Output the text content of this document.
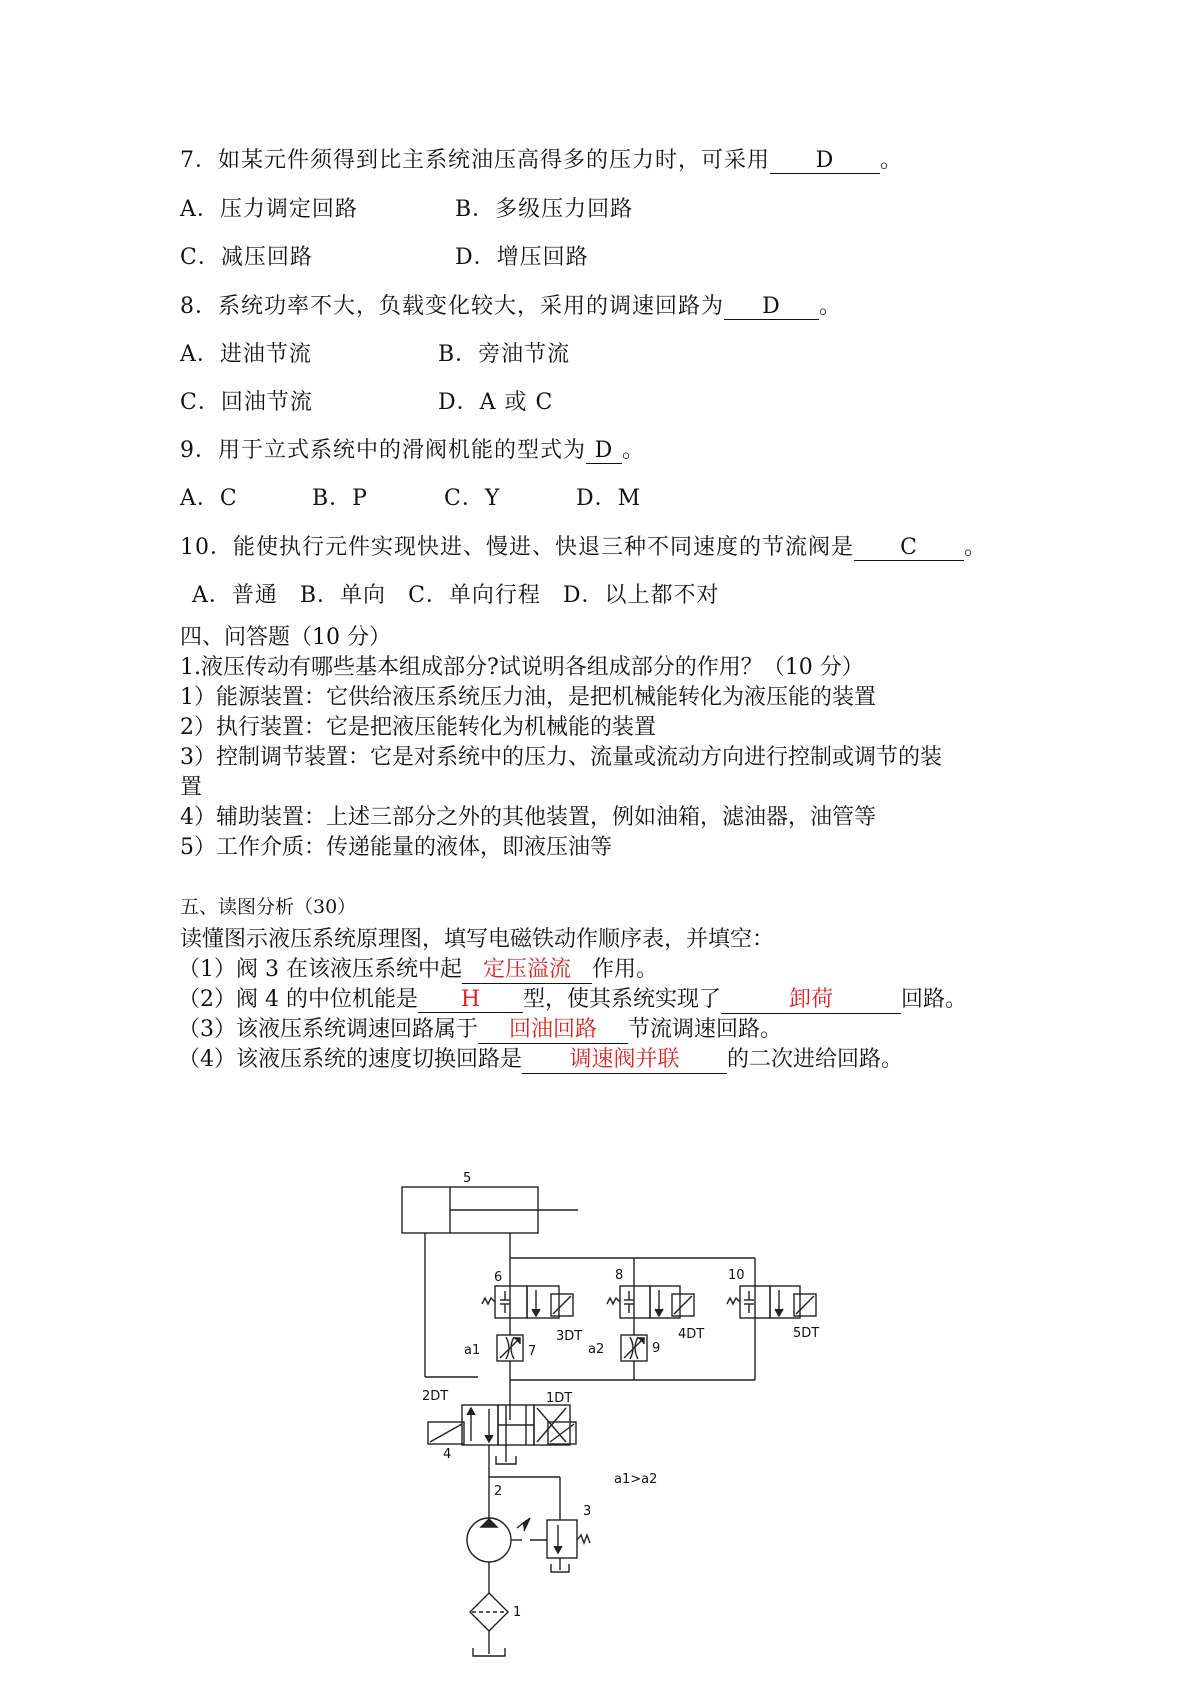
7．如某元件须得到比主系统油压高得多的压力时，可采用 D 。
A．压力调定回路	B．多级压力回路
C．减压回路	D．增压回路
8．系统功率不大，负载变化较大，采用的调速回路为 D 。
A．进油节流	B．旁油节流
C．回油节流	D．A 或 C
9．用于立式系统中的滑阀机能的型式为 D 。
A．C	B．P	C．Y	D．M
10．能使执行元件实现快进、慢进、快退三种不同速度的节流阀是 C 。
A．普通 B．单向 C．单向行程 D．以上都不对
四、问答题（10 分）
1.液压传动有哪些基本组成部分?试说明各组成部分的作用？（10 分）
1）能源装置：它供给液压系统压力油，是把机械能转化为液压能的装置
2）执行装置：它是把液压能转化为机械能的装置
3）控制调节装置：它是对系统中的压力、流量或流动方向进行控制或调节的装
置
4）辅助装置：上述三部分之外的其他装置，例如油箱，滤油器，油管等
5）工作介质：传递能量的液体，即液压油等
五、读图分析（30）
读懂图示液压系统原理图，填写电磁铁动作顺序表，并填空：
（1）阀 3 在该液压系统中起 定压溢流 作用。
（2）阀 4 的中位机能是 H 型，使其系统实现了	卸荷	回路。
（3）该液压系统调速回路属于 回油回路 节流调速回路。
（4）该液压系统的速度切换回路是 调速阀并联 的二次进给回路。
5
6
3DT
8
4DT
10
5DT
a1	7	a2	9
2DT	1DT
4
2
3
1
a1>a2
